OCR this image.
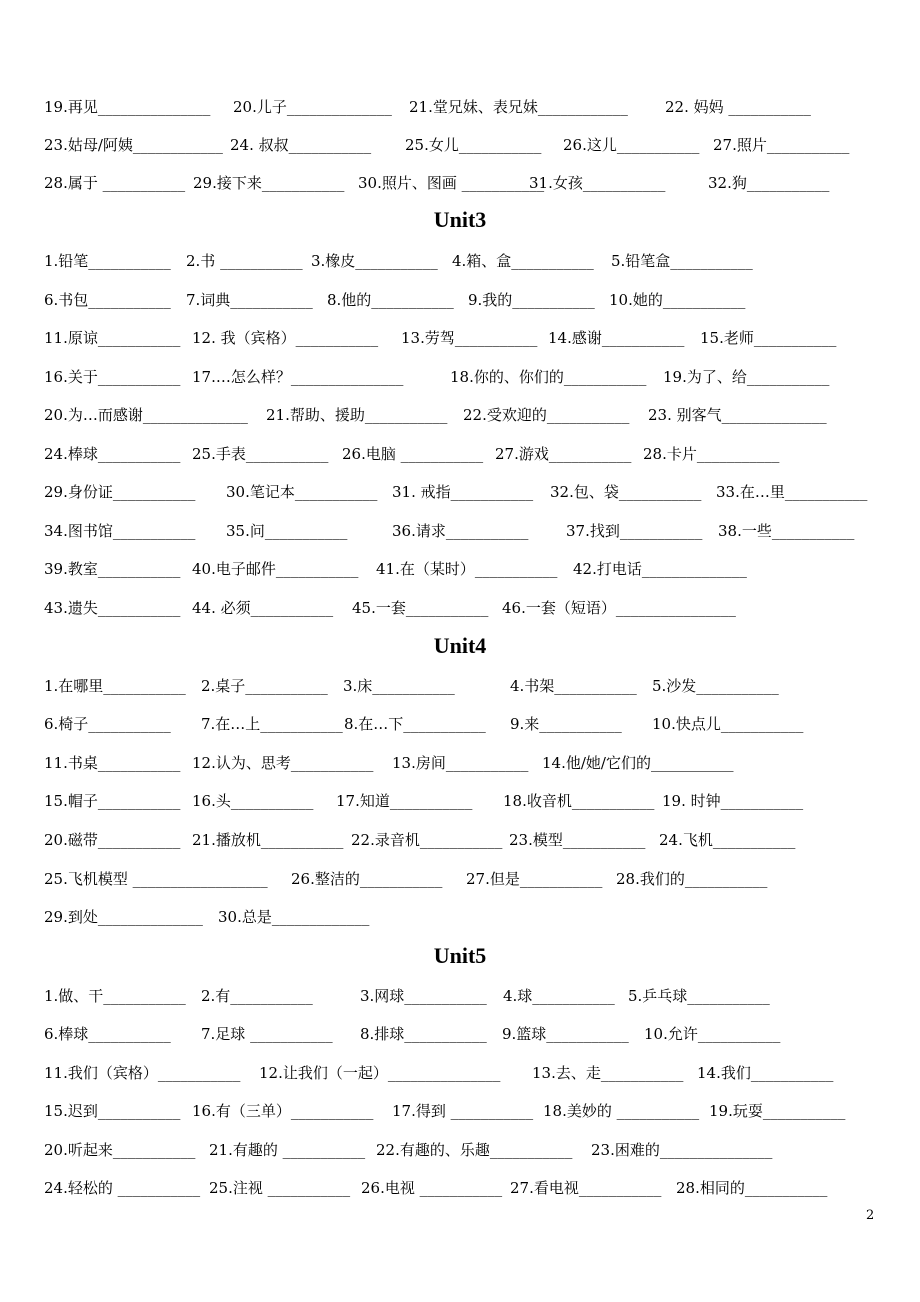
19.再见_______________ 20.儿子______________ 21.堂兄妹、表兄妹____________ 22. 妈妈 ___________
23.姑母/阿姨____________ 24. 叔叔___________ 25.女儿___________ 26.这儿___________ 27.照片___________
28.属于 ___________ 29.接下来___________ 30.照片、图画 ___________
31.女孩___________	32.狗___________
Unit3
1.铅笔___________ 2.书 ___________ 3.橡皮___________ 4.箱、盒___________ 5.铅笔盒___________
6.书包___________ 7.词典___________ 8.他的___________ 9.我的___________ 10.她的___________
11.原谅___________ 12. 我（宾格）___________ 13.劳驾___________ 14.感谢___________ 15.老师___________
16.关于___________ 17.…怎么样？_______________	18.你的、你们的___________ 19.为了、给___________
20.为…而感谢______________ 21.帮助、援助___________ 22.受欢迎的___________ 23. 别客气______________
24.棒球___________ 25.手表___________ 26.电脑 ___________ 27.游戏___________ 28.卡片___________
29.身份证___________ 30.笔记本___________ 31. 戒指___________ 32.包、袋___________ 33.在…里___________
34.图书馆___________ 35.问___________	36.请求___________	37.找到___________ 38.一些___________
39.教室___________ 40.电子邮件___________ 41.在（某时）___________ 42.打电话______________
43.遗失___________ 44. 必须___________ 45.一套___________ 46.一套（短语）________________
Unit4
1.在哪里___________ 2.桌子___________ 3.床___________	4.书架___________ 5.沙发___________
6.椅子___________ 7.在…上___________ 8.在…下___________ 9.来___________ 10.快点儿___________
11.书桌___________ 12.认为、思考___________ 13.房间___________ 14.他/她/它们的___________
15.帽子___________ 16.头___________ 17.知道___________ 18.收音机___________ 19. 时钟___________
20.磁带___________ 21.播放机___________ 22.录音机___________ 23.模型___________ 24.飞机___________
25.飞机模型 __________________ 26.整洁的___________ 27.但是___________ 28.我们的___________
29.到处______________ 30.总是_____________
Unit5
1.做、干___________ 2.有___________	3.网球___________ 4.球___________ 5.乒乓球___________
6.棒球___________ 7.足球 ___________ 8.排球___________ 9.篮球___________ 10.允许___________
11.我们（宾格）___________ 12.让我们（一起）_______________ 13.去、走___________ 14.我们___________
15.迟到___________ 16.有（三单）___________ 17.得到 ___________ 18.美妙的 ___________ 19.玩耍___________
20.听起来___________ 21.有趣的 ___________ 22.有趣的、乐趣___________ 23.困难的_______________
24.轻松的 ___________ 25.注视 ___________ 26.电视 ___________ 27.看电视___________ 28.相同的___________
2
